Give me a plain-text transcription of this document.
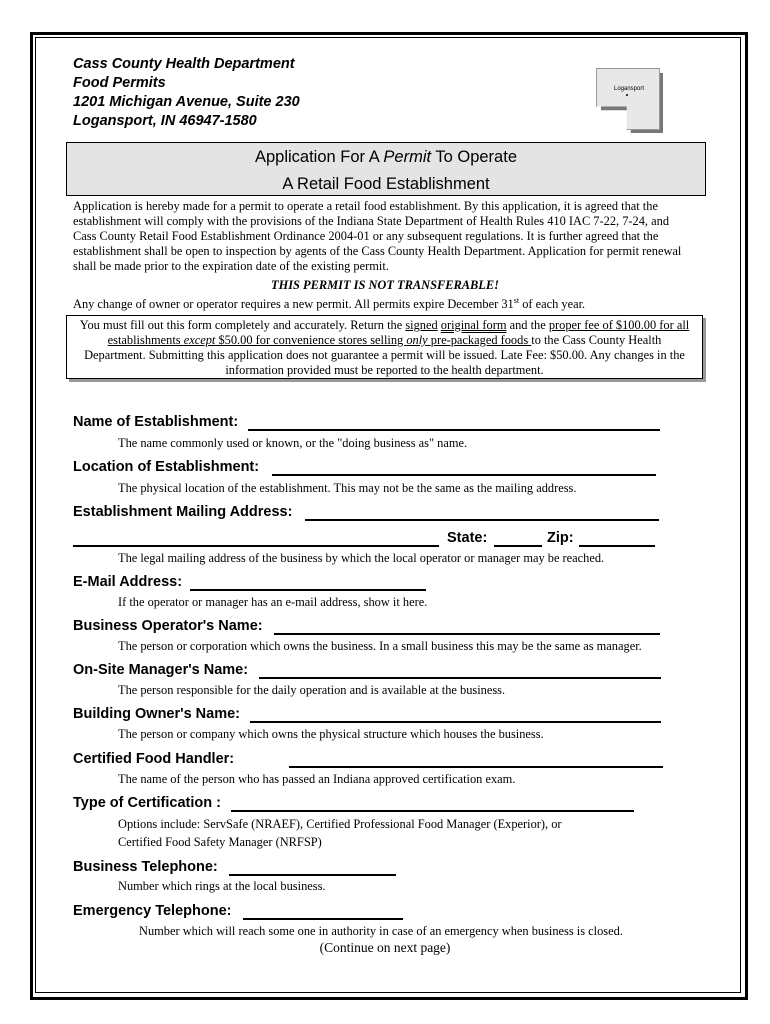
Cass County Health Department
Food Permits
1201 Michigan Avenue, Suite 230
Logansport, IN 46947-1580
Logansport
Application For A Permit To Operate
A Retail Food Establishment
Application is hereby made for a permit to operate a retail food establishment. By this application, it is agreed that the
establishment will comply with the provisions of the Indiana State Department of Health Rules 410 IAC 7-22, 7-24, and
Cass County Retail Food Establishment Ordinance 2004-01 or any subsequent regulations. It is further agreed that the
establishment shall be open to inspection by agents of the Cass County Health Department. Application for permit renewal
shall be made prior to the expiration date of the existing permit.
THIS PERMIT IS NOT TRANSFERABLE!
Any change of owner or operator requires a new permit. All permits expire December 31st of each year.
You must fill out this form completely and accurately. Return the signed original form and the proper fee of $100.00 for all
establishments except $50.00 for convenience stores selling only pre-packaged foods to the Cass County Health
Department. Submitting this application does not guarantee a permit will be issued. Late Fee: $50.00. Any changes in the
information provided must be reported to the health department.
Name of Establishment:
The name commonly used or known, or the "doing business as" name.
Location of Establishment:
The physical location of the establishment. This may not be the same as the mailing address.
Establishment Mailing Address:
State:	Zip:
The legal mailing address of the business by which the local operator or manager may be reached.
E-Mail Address:
If the operator or manager has an e-mail address, show it here.
Business Operator's Name:
The person or corporation which owns the business. In a small business this may be the same as manager.
On-Site Manager's Name:
The person responsible for the daily operation and is available at the business.
Building Owner's Name:
The person or company which owns the physical structure which houses the business.
Certified Food Handler:
The name of the person who has passed an Indiana approved certification exam.
Type of Certification :
Options include: ServSafe (NRAEF), Certified Professional Food Manager (Experior), or
Certified Food Safety Manager (NRFSP)
Business Telephone:
Number which rings at the local business.
Emergency Telephone:
Number which will reach some one in authority in case of an emergency when business is closed.
(Continue on next page)
